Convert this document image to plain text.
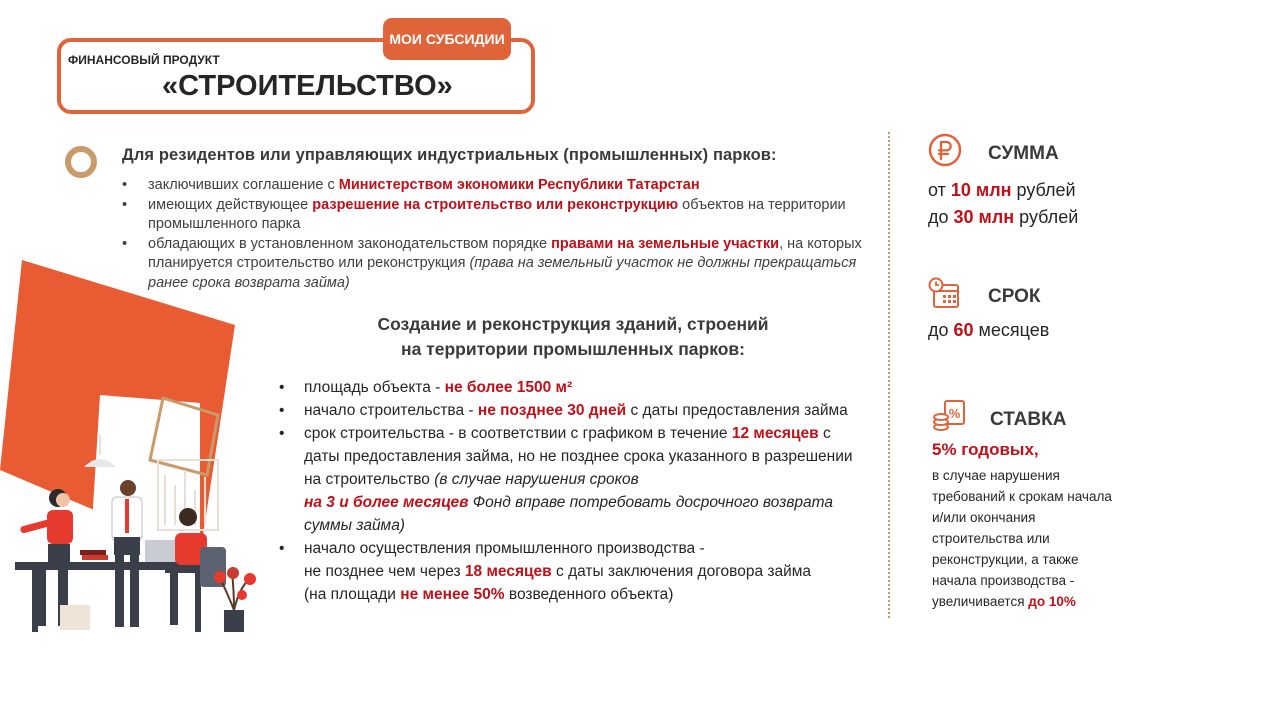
МОИ СУБСИДИИ
ФИНАНСОВЫЙ ПРОДУКТ
«СТРОИТЕЛЬСТВО»
Для резидентов или управляющих индустриальных (промышленных) парков:
• заключивших соглашение с Министерством экономики Республики Татарстан
• имеющих действующее разрешение на строительство или реконструкцию объектов на территории промышленного парка
• обладающих в установленном законодательством порядке правами на земельные участки, на которых планируется строительство или реконструкция (права на земельный участок не должны прекращаться ранее срока возврата займа)
Создание и реконструкция зданий, строений
на территории промышленных парков:
• площадь объекта - не более 1500 м²
• начало строительства - не позднее 30 дней с даты предоставления займа
• срок строительства - в соответствии с графиком в течение 12 месяцев с даты предоставления займа, но не позднее срока указанного в разрешении на строительство (в случае нарушения сроков
на 3 и более месяцев Фонд вправе потребовать досрочного возврата суммы займа)
• начало осуществления промышленного производства -
не позднее чем через 18 месяцев с даты заключения договора займа
(на площади не менее 50% возведенного объекта)
СУММА
от 10 млн рублей
до 30 млн рублей
СРОК
до 60 месяцев
% СТАВКА
5% годовых,
в случае нарушения требований к срокам начала и/или окончания строительства или реконструкции, а также начала производства - увеличивается до 10%
